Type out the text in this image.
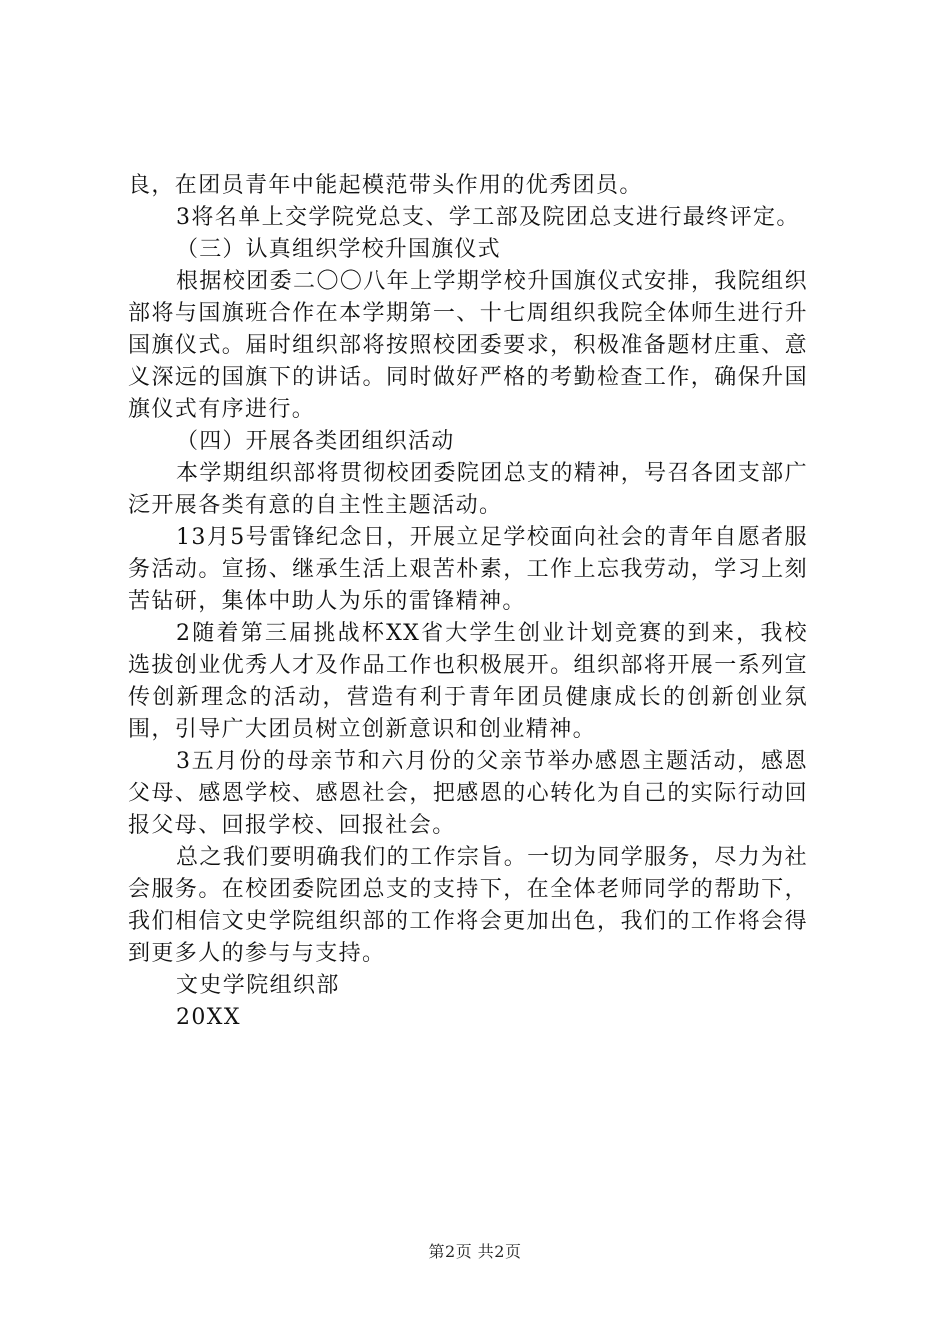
良，在团员青年中能起模范带头作用的优秀团员。

3将名单上交学院党总支、学工部及院团总支进行最终评定。

（三）认真组织学校升国旗仪式

根据校团委二〇〇八年上学期学校升国旗仪式安排，我院组织部将与国旗班合作在本学期第一、十七周组织我院全体师生进行升国旗仪式。届时组织部将按照校团委要求，积极准备题材庄重、意义深远的国旗下的讲话。同时做好严格的考勤检查工作，确保升国旗仪式有序进行。

（四）开展各类团组织活动

本学期组织部将贯彻校团委院团总支的精神，号召各团支部广泛开展各类有意的自主性主题活动。

13月5号雷锋纪念日，开展立足学校面向社会的青年自愿者服务活动。宣扬、继承生活上艰苦朴素，工作上忘我劳动，学习上刻苦钻研，集体中助人为乐的雷锋精神。

2随着第三届挑战杯XX省大学生创业计划竞赛的到来，我校选拔创业优秀人才及作品工作也积极展开。组织部将开展一系列宣传创新理念的活动，营造有利于青年团员健康成长的创新创业氛围，引导广大团员树立创新意识和创业精神。

3五月份的母亲节和六月份的父亲节举办感恩主题活动，感恩父母、感恩学校、感恩社会，把感恩的心转化为自己的实际行动回报父母、回报学校、回报社会。

总之我们要明确我们的工作宗旨。一切为同学服务，尽力为社会服务。在校团委院团总支的支持下，在全体老师同学的帮助下，我们相信文史学院组织部的工作将会更加出色，我们的工作将会得到更多人的参与与支持。

文史学院组织部

20XX

第2页 共2页
